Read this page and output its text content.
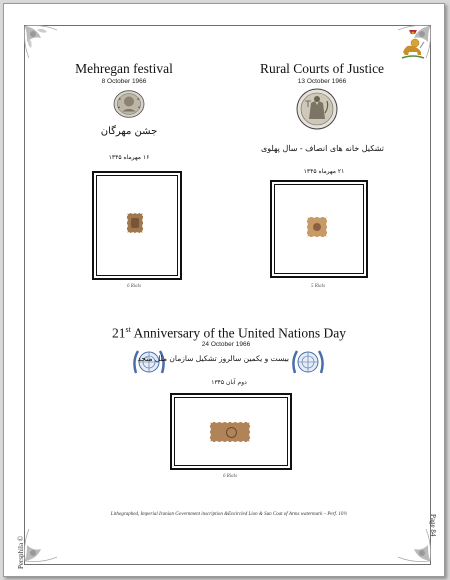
Persphila ©
Page 84
Mehregan festival
8 October 1966
جشن مهرگان
۱۶ مهرماه ۱۳۴۵
6 Rials
Rural Courts of Justice
13 October 1966
تشکیل خانه های انصاف - سال پهلوی
۲۱ مهرماه ۱۳۴۵
5 Rials
21st Anniversary of the United Nations Day
24 October 1966
بیست و یکمین سالروز تشکیل سازمان ملل متحد
دوم آبان ۱۳۴۵
6 Rials
Lithographed, Imperial Iranian Government inscription &Encircled Lion & Sun Coat of Arms watermark – Perf. 10½
